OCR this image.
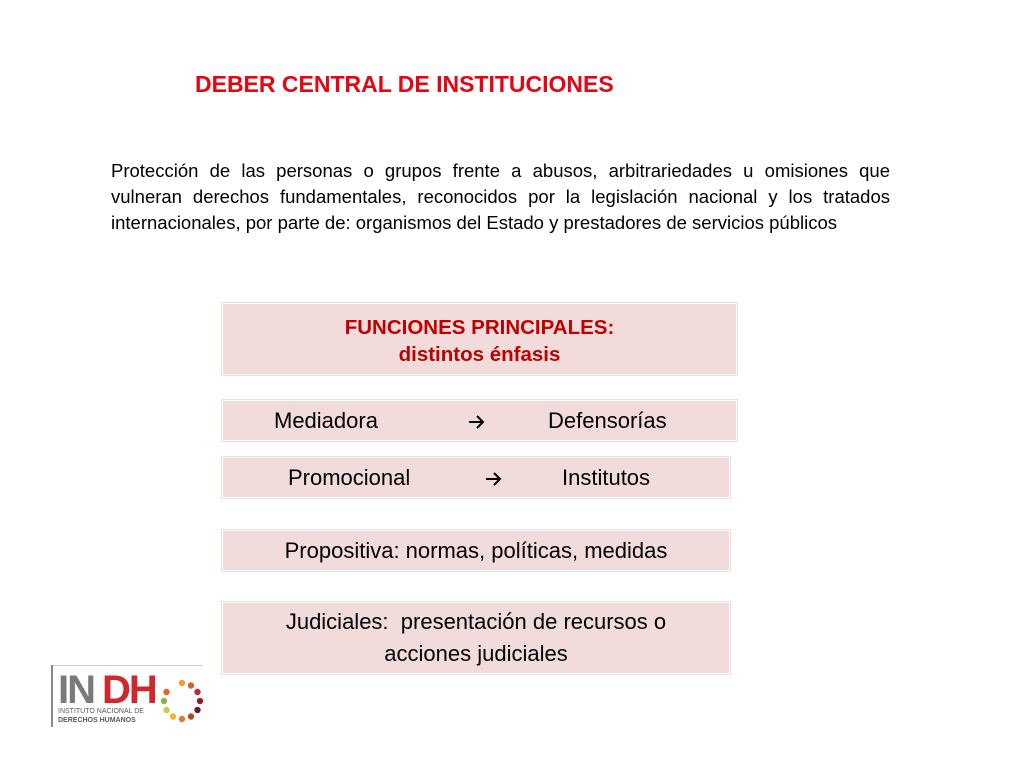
DEBER CENTRAL DE INSTITUCIONES
Protección de las personas o grupos frente a abusos, arbitrariedades u omisiones que vulneran derechos fundamentales, reconocidos por la legislación nacional y los tratados internacionales, por parte de: organismos del Estado y prestadores de servicios públicos
FUNCIONES PRINCIPALES:
distintos énfasis
Mediadora	Defensorías
Promocional	Institutos
Propositiva: normas, políticas, medidas
Judiciales:  presentación de recursos o
acciones judiciales
IN DH
INSTITUTO NACIONAL DE
DERECHOS HUMANOS
